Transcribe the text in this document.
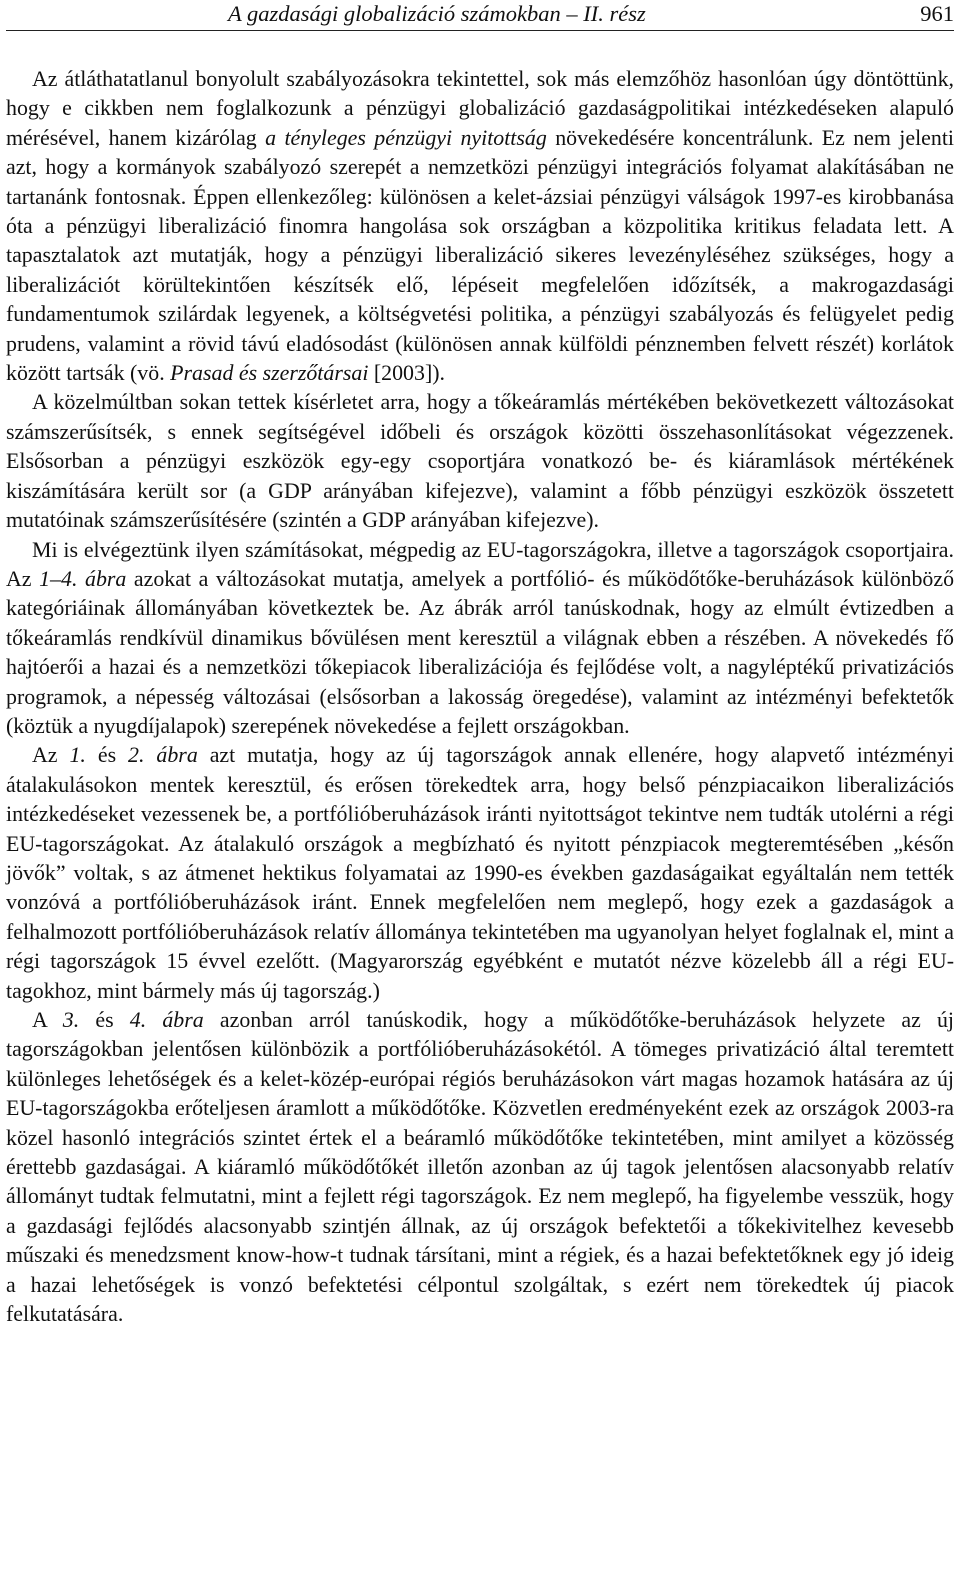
A gazdasági globalizáció számokban – II. rész	961

Az átláthatatlanul bonyolult szabályozásokra tekintettel, sok más elemzőhöz hasonlóan úgy döntöttünk, hogy e cikkben nem foglalkozunk a pénzügyi globalizáció gazdaságpolitikai intézkedéseken alapuló mérésével, hanem kizárólag a tényleges pénzügyi nyitottság növekedésére koncentrálunk. Ez nem jelenti azt, hogy a kormányok szabályozó szerepét a nemzetközi pénzügyi integrációs folyamat alakításában ne tartanánk fontosnak. Éppen ellenkezőleg: különösen a kelet-ázsiai pénzügyi válságok 1997-es kirobbanása óta a pénzügyi liberalizáció finomra hangolása sok országban a közpolitika kritikus feladata lett. A tapasztalatok azt mutatják, hogy a pénzügyi liberalizáció sikeres levezényléséhez szükséges, hogy a liberalizációt körültekintően készítsék elő, lépéseit megfelelően időzítsék, a makrogazdasági fundamentumok szilárdak legyenek, a költségvetési politika, a pénzügyi szabályozás és felügyelet pedig prudens, valamint a rövid távú eladósodást (különösen annak külföldi pénznemben felvett részét) korlátok között tartsák (vö. Prasad és szerzőtársai [2003]).

A közelmúltban sokan tettek kísérletet arra, hogy a tőkeáramlás mértékében bekövetkezett változásokat számszerűsítsék, s ennek segítségével időbeli és országok közötti összehasonlításokat végezzenek. Elsősorban a pénzügyi eszközök egy-egy csoportjára vonatkozó be- és kiáramlások mértékének kiszámítására került sor (a GDP arányában kifejezve), valamint a főbb pénzügyi eszközök összetett mutatóinak számszerűsítésére (szintén a GDP arányában kifejezve).

Mi is elvégeztünk ilyen számításokat, mégpedig az EU-tagországokra, illetve a tagországok csoportjaira. Az 1–4. ábra azokat a változásokat mutatja, amelyek a portfólió- és működőtőke-beruházások különböző kategóriáinak állományában következtek be. Az ábrák arról tanúskodnak, hogy az elmúlt évtizedben a tőkeáramlás rendkívül dinamikus bővülésen ment keresztül a világnak ebben a részében. A növekedés fő hajtóerői a hazai és a nemzetközi tőkepiacok liberalizációja és fejlődése volt, a nagyléptékű privatizációs programok, a népesség változásai (elsősorban a lakosság öregedése), valamint az intézményi befektetők (köztük a nyugdíjalapok) szerepének növekedése a fejlett országokban.

Az 1. és 2. ábra azt mutatja, hogy az új tagországok annak ellenére, hogy alapvető intézményi átalakulásokon mentek keresztül, és erősen törekedtek arra, hogy belső pénzpiacaikon liberalizációs intézkedéseket vezessenek be, a portfólióberuházások iránti nyitottságot tekintve nem tudták utolérni a régi EU-tagországokat. Az átalakuló országok a megbízható és nyitott pénzpiacok megteremtésében „későn jövők” voltak, s az átmenet hektikus folyamatai az 1990-es években gazdaságaikat egyáltalán nem tették vonzóvá a portfólióberuházások iránt. Ennek megfelelően nem meglepő, hogy ezek a gazdaságok a felhalmozott portfólióberuházások relatív állománya tekintetében ma ugyanolyan helyet foglalnak el, mint a régi tagországok 15 évvel ezelőtt. (Magyarország egyébként e mutatót nézve közelebb áll a régi EU-tagokhoz, mint bármely más új tagország.)

A 3. és 4. ábra azonban arról tanúskodik, hogy a működőtőke-beruházások helyzete az új tagországokban jelentősen különbözik a portfólióberuházásokétól. A tömeges privatizáció által teremtett különleges lehetőségek és a kelet-közép-európai régiós beruházásokon várt magas hozamok hatására az új EU-tagországokba erőteljesen áramlott a működőtőke. Közvetlen eredményeként ezek az országok 2003-ra közel hasonló integrációs szintet értek el a beáramló működőtőke tekintetében, mint amilyet a közösség érettebb gazdaságai. A kiáramló működőtőkét illetőn azonban az új tagok jelentősen alacsonyabb relatív állományt tudtak felmutatni, mint a fejlett régi tagországok. Ez nem meglepő, ha figyelembe vesszük, hogy a gazdasági fejlődés alacsonyabb szintjén állnak, az új országok befektetői a tőkekivitelhez kevesebb műszaki és menedzsment know-how-t tudnak társítani, mint a régiek, és a hazai befektetőknek egy jó ideig a hazai lehetőségek is vonzó befektetési célpontul szolgáltak, s ezért nem törekedtek új piacok felkutatására.
